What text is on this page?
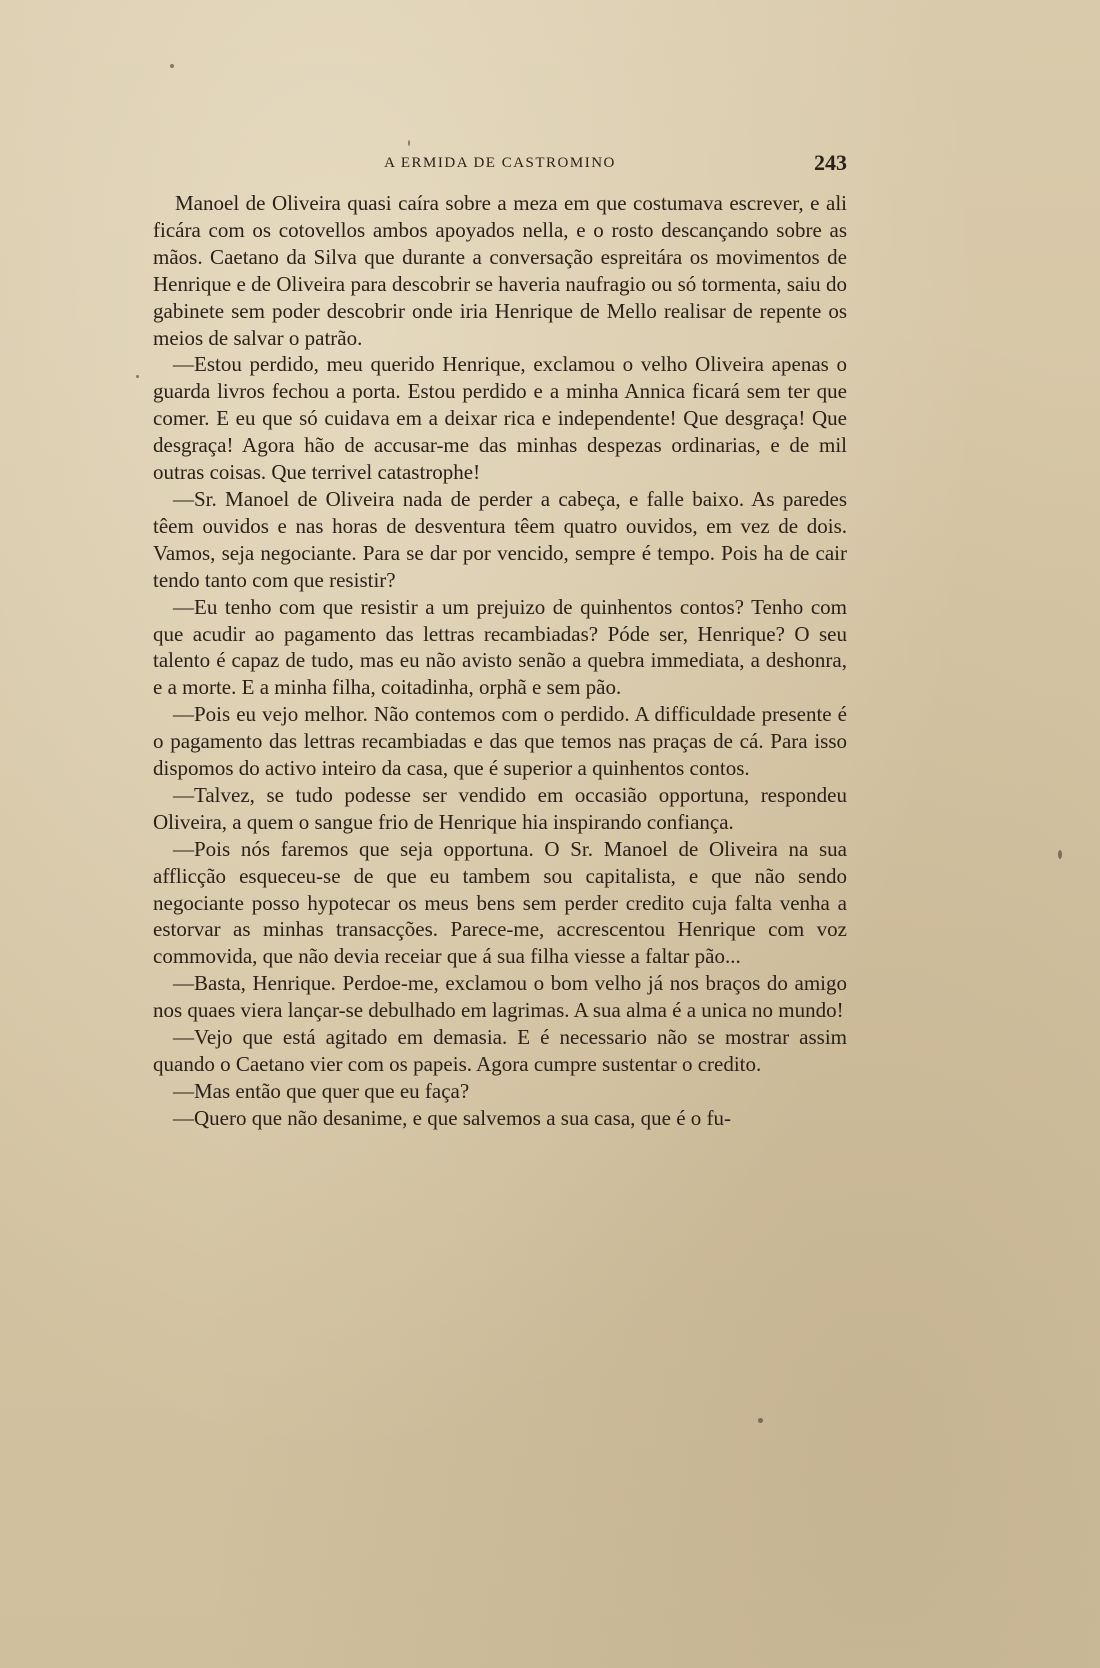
A ERMIDA DE CASTROMINO	243

Manoel de Oliveira quasi caíra sobre a meza em que costumava escrever, e ali ficára com os cotovellos ambos apoyados nella, e o rosto descançando sobre as mãos. Caetano da Silva que durante a conversação espreitára os movimentos de Henrique e de Oliveira para descobrir se haveria naufragio ou só tormenta, saiu do gabinete sem poder descobrir onde iria Henrique de Mello realisar de repente os meios de salvar o patrão.

—Estou perdido, meu querido Henrique, exclamou o velho Oliveira apenas o guarda livros fechou a porta. Estou perdido e a minha Annica ficará sem ter que comer. E eu que só cuidava em a deixar rica e independente! Que desgraça! Que desgraça! Agora hão de accusar-me das minhas despezas ordinarias, e de mil outras coisas. Que terrivel catastrophe!

—Sr. Manoel de Oliveira nada de perder a cabeça, e falle baixo. As paredes têem ouvidos e nas horas de desventura têem quatro ouvidos, em vez de dois. Vamos, seja negociante. Para se dar por vencido, sempre é tempo. Pois ha de cair tendo tanto com que resistir?

—Eu tenho com que resistir a um prejuizo de quinhentos contos? Tenho com que acudir ao pagamento das lettras recambiadas? Póde ser, Henrique? O seu talento é capaz de tudo, mas eu não avisto senão a quebra immediata, a deshonra, e a morte. E a minha filha, coitadinha, orphã e sem pão.

—Pois eu vejo melhor. Não contemos com o perdido. A difficuldade presente é o pagamento das lettras recambiadas e das que temos nas praças de cá. Para isso dispomos do activo inteiro da casa, que é superior a quinhentos contos.

—Talvez, se tudo podesse ser vendido em occasião opportuna, respondeu Oliveira, a quem o sangue frio de Henrique hia inspirando confiança.

—Pois nós faremos que seja opportuna. O Sr. Manoel de Oliveira na sua afflicção esqueceu-se de que eu tambem sou capitalista, e que não sendo negociante posso hypotecar os meus bens sem perder credito cuja falta venha a estorvar as minhas transacções. Parece-me, accrescentou Henrique com voz commovida, que não devia receiar que á sua filha viesse a faltar pão...

—Basta, Henrique. Perdoe-me, exclamou o bom velho já nos braços do amigo nos quaes viera lançar-se debulhado em lagrimas. A sua alma é a unica no mundo!

—Vejo que está agitado em demasia. E é necessario não se mostrar assim quando o Caetano vier com os papeis. Agora cumpre sustentar o credito.

—Mas então que quer que eu faça?

—Quero que não desanime, e que salvemos a sua casa, que é o fu-
